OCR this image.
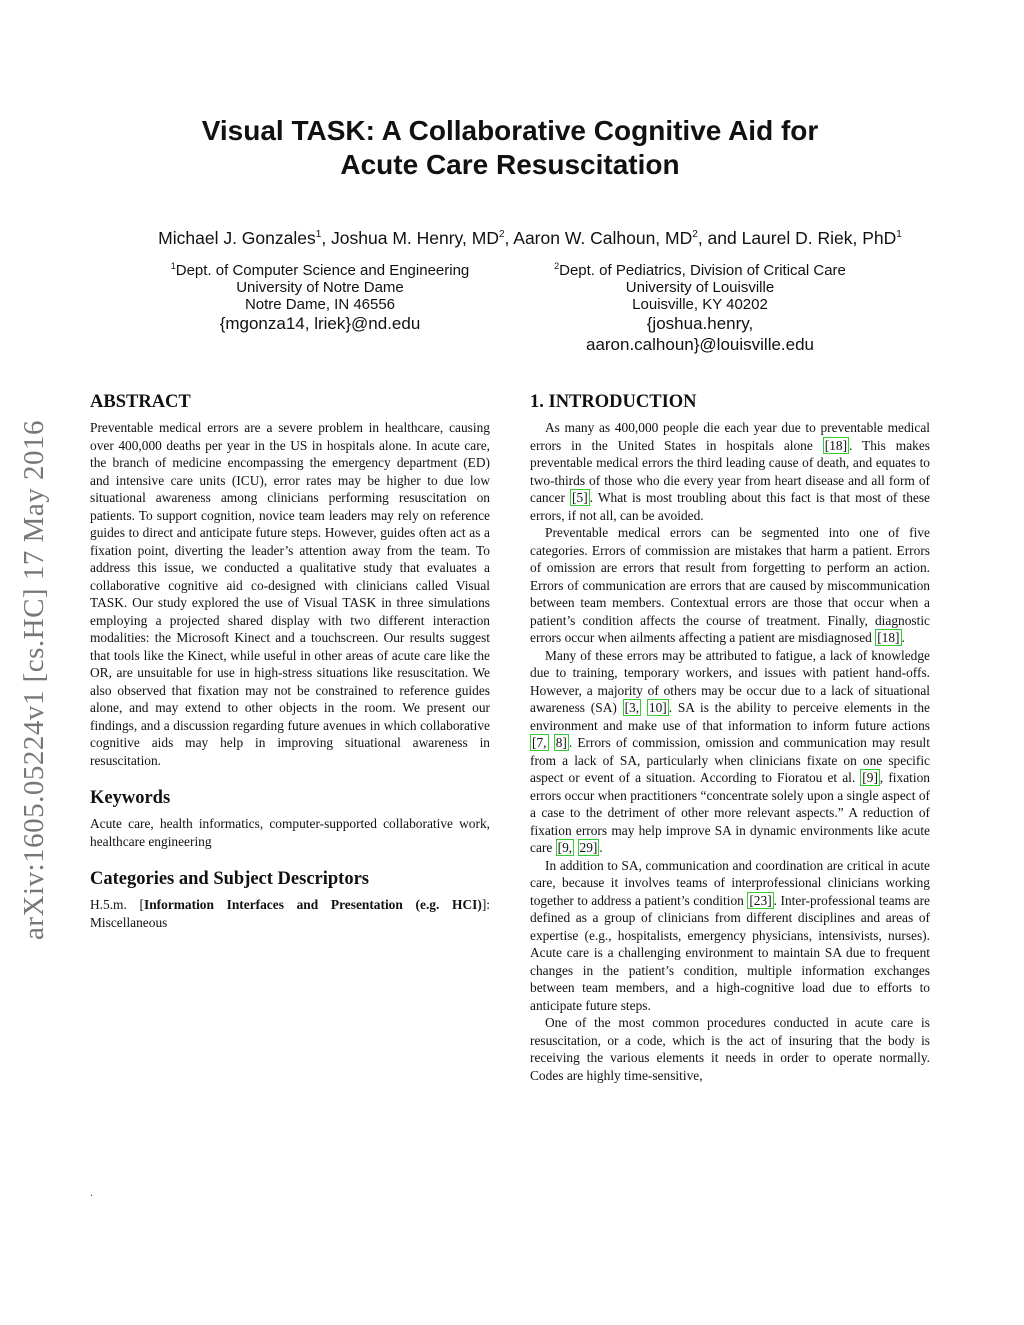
arXiv:1605.05224v1 [cs.HC] 17 May 2016
Visual TASK: A Collaborative Cognitive Aid for
Acute Care Resuscitation
Michael J. Gonzales$^1$, Joshua M. Henry, $MD^2$, Aaron W. Calhoun, $MD^2$, and Laurel D. Riek, PhD$^1$
$^1$Dept. of Computer Science and Engineering
University of Notre Dame
Notre Dame, IN 46556
{mgonza14, lriek}@nd.edu
$^2$Dept. of Pediatrics, Division of Critical Care
University of Louisville
Louisville, KY 40202
{joshua.henry,
aaron.calhoun}@louisville.edu
ABSTRACT

Preventable medical errors are a severe problem in healthcare, causing over 400,000 deaths per year in the US in hospitals alone. In acute care, the branch of medicine encompassing the emergency department (ED) and intensive care units (ICU), error rates may be higher to due low situational awareness among clinicians performing resuscitation on patients. To support cognition, novice team leaders may rely on reference guides to direct and anticipate future steps. However, guides often act as a fixation point, diverting the leader’s attention away from the team. To address this issue, we conducted a qualitative study that evaluates a collaborative cognitive aid co-designed with clinicians called Visual TASK. Our study explored the use of Visual TASK in three simulations employing a projected shared display with two different interaction modalities: the Microsoft Kinect and a touchscreen. Our results suggest that tools like the Kinect, while useful in other areas of acute care like the OR, are unsuitable for use in high-stress situations like resuscitation. We also observed that fixation may not be constrained to reference guides alone, and may extend to other objects in the room. We present our findings, and a discussion regarding future avenues in which collaborative cognitive aids may help in improving situational awareness in resuscitation.

Keywords

Acute care, health informatics, computer-supported collaborative work, healthcare engineering

Categories and Subject Descriptors

H.5.m. [Information Interfaces and Presentation (e.g. HCI)]: Miscellaneous

.
1. INTRODUCTION

As many as 400,000 people die each year due to preventable medical errors in the United States in hospitals alone [18] . This makes preventable medical errors the third leading cause of death, and equates to two-thirds of those who die every year from heart disease and all form of cancer [5] . What is most troubling about this fact is that most of these errors, if not all, can be avoided.

Preventable medical errors can be segmented into one of five categories. Errors of commission are mistakes that harm a patient. Errors of omission are errors that result from forgetting to perform an action. Errors of communication are errors that are caused by miscommunication between team members. Contextual errors are those that occur when a patient’s condition affects the course of treatment. Finally, diagnostic errors occur when ailments affecting a patient are misdiagnosed [18] .

Many of these errors may be attributed to fatigue, a lack of knowledge due to training, temporary workers, and issues with patient hand-offs. However, a majority of others may be occur due to a lack of situational awareness (SA) [3, 10] . SA is the ability to perceive elements in the environment and make use of that information to inform future actions [7, 8] . Errors of commission, omission and communication may result from a lack of SA, particularly when clinicians fixate on one specific aspect or event of a situation. According to Fioratou et al. [9] , fixation errors occur when practitioners “concentrate solely upon a single aspect of a case to the detriment of other more relevant aspects.” A reduction of fixation errors may help improve SA in dynamic environments like acute care [9, 29] .

In addition to SA, communication and coordination are critical in acute care, because it involves teams of interprofessional clinicians working together to address a patient’s condition [23] . Inter-professional teams are defined as a group of clinicians from different disciplines and areas of expertise (e.g., hospitalists, emergency physicians, intensivists, nurses). Acute care is a challenging environment to maintain SA due to frequent changes in the patient’s condition, multiple information exchanges between team members, and a high-cognitive load due to efforts to anticipate future steps.

One of the most common procedures conducted in acute care is resuscitation, or a code, which is the act of insuring that the body is receiving the various elements it needs in order to operate normally. Codes are highly time-sensitive,
